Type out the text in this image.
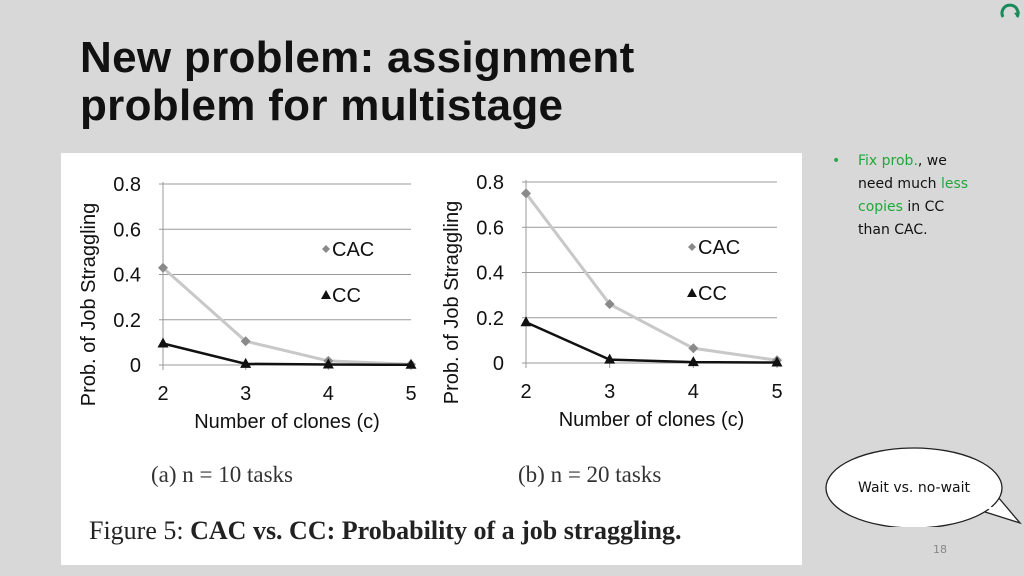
New problem: assignment
problem for multistage
0
0.2
0.4
0.6
0.8
2	3	4	5
Number of clones (c)
Prob. of Job Straggling	CAC
CC
0
0.2
0.4
0.6
0.8
2	3	4	5
Number of clones (c)
Prob. of Job Straggling	CAC
CC
(a) n = 10 tasks	(b) n = 20 tasks
Figure 5: CAC vs. CC: Probability of a job straggling.
• Fix prob., we need much less copies in CC than CAC.
Wait vs. no-wait
18
